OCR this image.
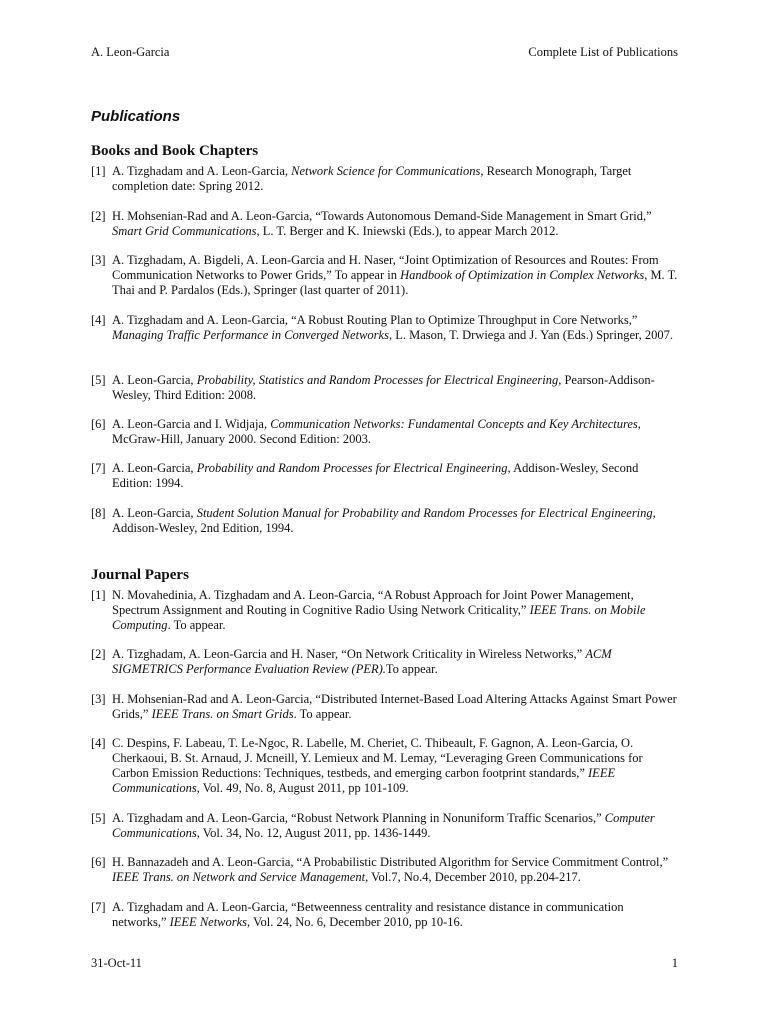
A. Leon-Garcia	Complete List of Publications
Publications
Books and Book Chapters
Journal Papers
[1] A. Tizghadam and A. Leon-Garcia, Network Science for Communications, Research Monograph, Target completion date: Spring 2012.
[2] H. Mohsenian-Rad and A. Leon-Garcia, “Towards Autonomous Demand-Side Management in Smart Grid,” Smart Grid Communications, L. T. Berger and K. Iniewski (Eds.), to appear March 2012.
[3] A. Tizghadam, A. Bigdeli, A. Leon-Garcia and H. Naser, “Joint Optimization of Resources and Routes: From Communication Networks to Power Grids,” To appear in Handbook of Optimization in Complex Networks, M. T. Thai and P. Pardalos (Eds.), Springer (last quarter of 2011).
[4] A. Tizghadam and A. Leon-Garcia, “A Robust Routing Plan to Optimize Throughput in Core Networks,” Managing Traffic Performance in Converged Networks, L. Mason, T. Drwiega and J. Yan (Eds.) Springer, 2007.
[5] A. Leon-Garcia, Probability, Statistics and Random Processes for Electrical Engineering, Pearson-Addison-Wesley, Third Edition: 2008.
[6] A. Leon-Garcia and I. Widjaja, Communication Networks: Fundamental Concepts and Key Architectures, McGraw-Hill, January 2000. Second Edition: 2003.
[7] A. Leon-Garcia, Probability and Random Processes for Electrical Engineering, Addison-Wesley, Second Edition: 1994.
[8] A. Leon-Garcia, Student Solution Manual for Probability and Random Processes for Electrical Engineering, Addison-Wesley, 2nd Edition, 1994.
[1] N. Movahedinia, A. Tizghadam and A. Leon-Garcia, “A Robust Approach for Joint Power Management, Spectrum Assignment and Routing in Cognitive Radio Using Network Criticality,” IEEE Trans. on Mobile Computing. To appear.
[2] A. Tizghadam, A. Leon-Garcia and H. Naser, “On Network Criticality in Wireless Networks,” ACM SIGMETRICS Performance Evaluation Review (PER).To appear.
[3] H. Mohsenian-Rad and A. Leon-Garcia, “Distributed Internet-Based Load Altering Attacks Against Smart Power Grids,” IEEE Trans. on Smart Grids. To appear.
[4] C. Despins, F. Labeau, T. Le-Ngoc, R. Labelle, M. Cheriet, C. Thibeault, F. Gagnon, A. Leon-Garcia, O. Cherkaoui, B. St. Arnaud, J. Mcneill, Y. Lemieux and M. Lemay, “Leveraging Green Communications for Carbon Emission Reductions: Techniques, testbeds, and emerging carbon footprint standards,” IEEE Communications, Vol. 49, No. 8, August 2011, pp 101-109.
[5] A. Tizghadam and A. Leon-Garcia, “Robust Network Planning in Nonuniform Traffic Scenarios,” Computer Communications, Vol. 34, No. 12, August 2011, pp. 1436-1449.
[6] H. Bannazadeh and A. Leon-Garcia, “A Probabilistic Distributed Algorithm for Service Commitment Control,” IEEE Trans. on Network and Service Management, Vol.7, No.4, December 2010, pp.204-217.
[7] A. Tizghadam and A. Leon-Garcia, “Betweenness centrality and resistance distance in communication networks,” IEEE Networks, Vol. 24, No. 6, December 2010, pp 10-16.
31-Oct-11	1
